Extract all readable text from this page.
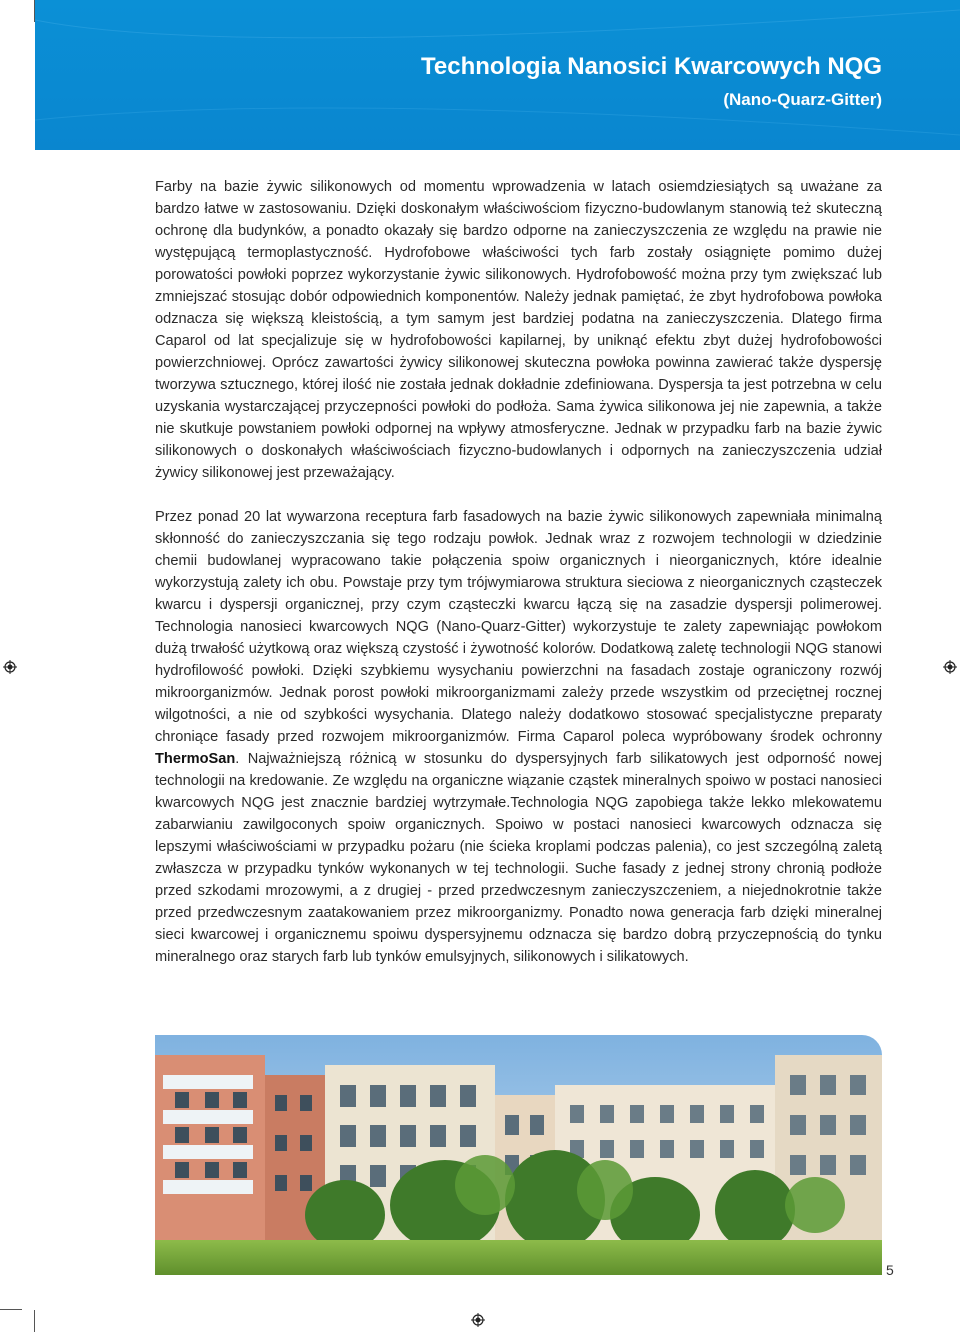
Technologia Nanosici Kwarcowych NQG
(Nano-Quarz-Gitter)

Farby na bazie żywic silikonowych od momentu wprowadzenia w latach osiemdziesiątych są uważane za bardzo łatwe w zastosowaniu. Dzięki doskonałym właściwościom fizyczno-budowlanym stanowią też skuteczną ochronę dla budynków, a ponadto okazały się bardzo odporne na zanieczyszczenia ze względu na prawie nie występującą termoplastyczność. Hydrofobowe właściwości tych farb zostały osiągnięte pomimo dużej porowatości powłoki poprzez wykorzystanie żywic silikonowych. Hydrofobowość można przy tym zwiększać lub zmniejszać stosując dobór odpowiednich komponentów. Należy jednak pamiętać, że zbyt hydrofobowa powłoka odznacza się większą kleistością, a tym samym jest bardziej podatna na zanieczyszczenia. Dlatego firma Caparol od lat specjalizuje się w hydrofobowości kapilarnej, by uniknąć efektu zbyt dużej hydrofobowości powierzchniowej. Oprócz zawartości żywicy silikonowej skuteczna powłoka powinna zawierać także dyspersję tworzywa sztucznego, której ilość nie została jednak dokładnie zdefiniowana. Dyspersja ta jest potrzebna w celu uzyskania wystarczającej przyczepności powłoki do podłoża. Sama żywica silikonowa jej nie zapewnia, a także nie skutkuje powstaniem powłoki odpornej na wpływy atmosferyczne. Jednak w przypadku farb na bazie żywic silikonowych o doskonałych właściwościach fizyczno-budowlanych i odpornych na zanieczyszczenia udział żywicy silikonowej jest przeważający.

Przez ponad 20 lat wywarzona receptura farb fasadowych na bazie żywic silikonowych zapewniała minimalną skłonność do zanieczyszczania się tego rodzaju powłok. Jednak wraz z rozwojem technologii w dziedzinie chemii budowlanej wypracowano takie połączenia spoiw organicznych i nieorganicznych, które idealnie wykorzystują zalety ich obu. Powstaje przy tym trójwymiarowa struktura sieciowa z nieorganicznych cząsteczek kwarcu i dyspersji organicznej, przy czym cząsteczki kwarcu łączą się na zasadzie dyspersji polimerowej. Technologia nanosieci kwarcowych NQG (Nano-Quarz-Gitter) wykorzystuje te zalety zapewniając powłokom dużą trwałość użytkową oraz większą czystość i żywotność kolorów. Dodatkową zaletę technologii NQG stanowi hydrofilowość powłoki. Dzięki szybkiemu wysychaniu powierzchni na fasadach zostaje ograniczony rozwój mikroorganizmów. Jednak porost powłoki mikroorganizmami zależy przede wszystkim od przeciętnej rocznej wilgotności, a nie od szybkości wysychania. Dlatego należy dodatkowo stosować specjalistyczne preparaty chroniące fasady przed rozwojem mikroorganizmów. Firma Caparol poleca wypróbowany środek ochronny ThermoSan. Najważniejszą różnicą w stosunku do dyspersyjnych farb silikatowych jest odporność nowej technologii na kredowanie. Ze względu na organiczne wiązanie cząstek mineralnych spoiwo w postaci nanosieci kwarcowych NQG jest znacznie bardziej wytrzymałe.Technologia NQG zapobiega także lekko mlekowatemu zabarwianiu zawilgoconych spoiw organicznych. Spoiwo w postaci nanosieci kwarcowych odznacza się lepszymi właściwościami w przypadku pożaru (nie ścieka kroplami podczas palenia), co jest szczególną zaletą zwłaszcza w przypadku tynków wykonanych w tej technologii. Suche fasady z jednej strony chronią podłoże przed szkodami mrozowymi, a z drugiej - przed przedwczesnym zanieczyszczeniem, a niejednokrotnie także przed przedwczesnym zaatakowaniem przez mikroorganizmy. Ponadto nowa generacja farb dzięki mineralnej sieci kwarcowej i organicznemu spoiwu dyspersyjnemu odznacza się bardzo dobrą przyczepnością do tynku mineralnego oraz starych farb lub tynków emulsyjnych, silikonowych i silikatowych.

5
